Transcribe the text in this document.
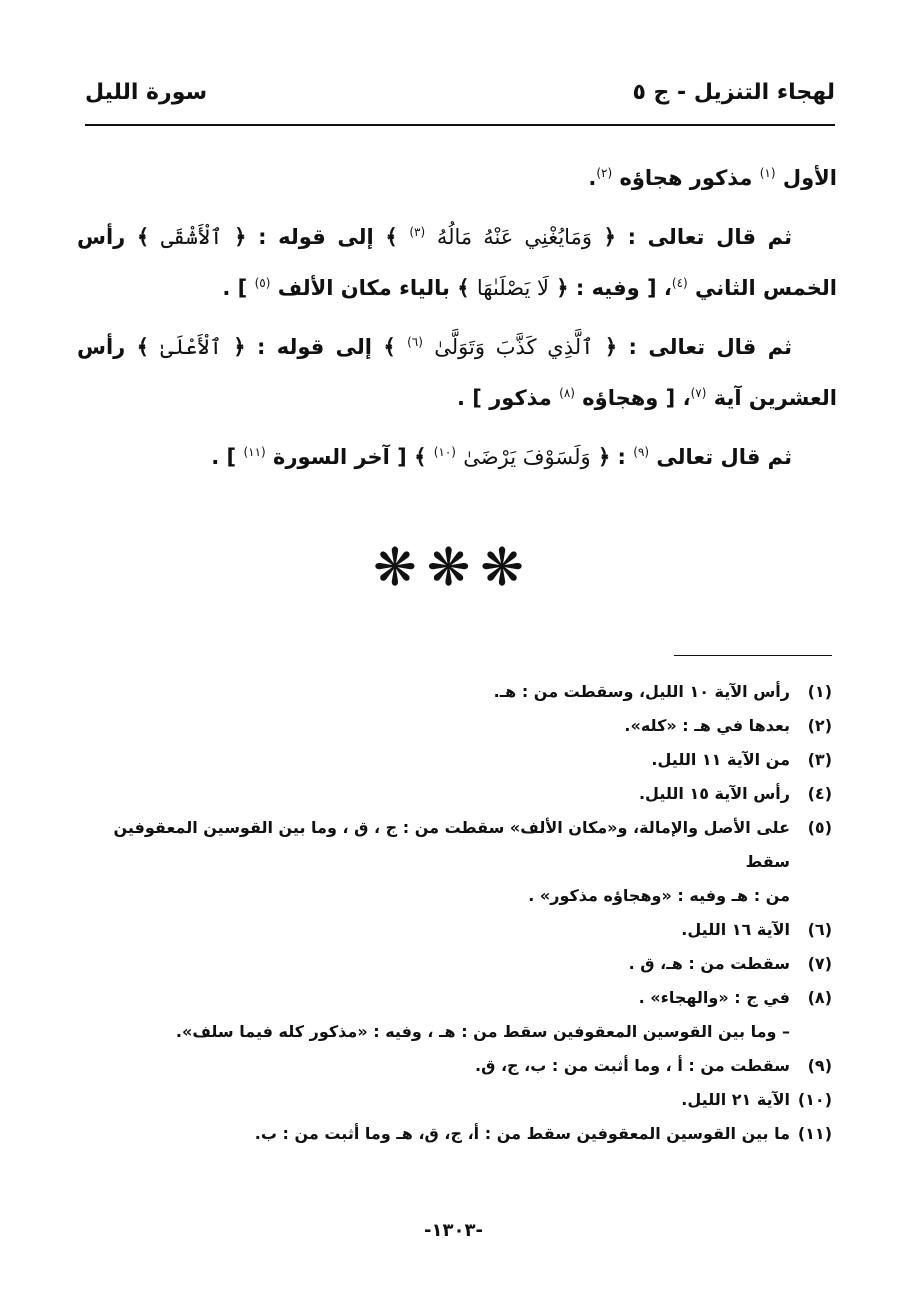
لهجاء التنزيل - ج ٥
سورة الليل

الأول $^{(١)}$ مذكور هجاؤه $^{(٢)}$.

ثم قال تعالى : ﴿ وَمَايُغْنِي عَنْهُ مَالُهُ $^{(٣)}$ ﴾ إلى قوله : ﴿ ٱلْأَشْقَى ﴾ رأس الخمس الثاني $^{(٤)}$، [ وفيه : ﴿ لَا يَصْلَىٰهَا ﴾ بالياء مكان الألف $^{(٥)}$ ] .

ثم قال تعالى : ﴿ ٱلَّذِي كَذَّبَ وَتَوَلَّىٰ $^{(٦)}$ ﴾ إلى قوله : ﴿ ٱلْأَعْلَىٰ ﴾ رأس العشرين آية $^{(٧)}$، [ وهجاؤه $^{(٨)}$ مذكور ] .

ثم قال تعالى $^{(٩)}$ : ﴿ وَلَسَوْفَ يَرْضَىٰ $^{(١٠)}$ ﴾ [ آخر السورة $^{(١١)}$ ] .

❋❋❋
(١)
رأس الآية ١٠ الليل، وسقطت من : هـ.
(٢)
بعدها في هـ : «كله».
(٣)
من الآية ١١ الليل.
(٤)
رأس الآية ١٥ الليل.
(٥)
على الأصل والإمالة، و«مكان الألف» سقطت من : ج ، ق ، وما بين القوسين المعقوفين سقط
من : هـ وفيه : «وهجاؤه مذكور» .
(٦)
الآية ١٦ الليل.
(٧)
سقطت من : هـ، ق .
(٨)
في ج : «والهجاء» .
– وما بين القوسين المعقوفين سقط من : هـ ، وفيه : «مذكور كله فيما سلف».
(٩)
سقطت من : أ ، وما أثبت من : ب، ج، ق.
(١٠)
الآية ٢١ الليل.
(١١)
ما بين القوسين المعقوفين سقط من : أ، ج، ق، هـ وما أثبت من : ب.
-١٣٠٣-
